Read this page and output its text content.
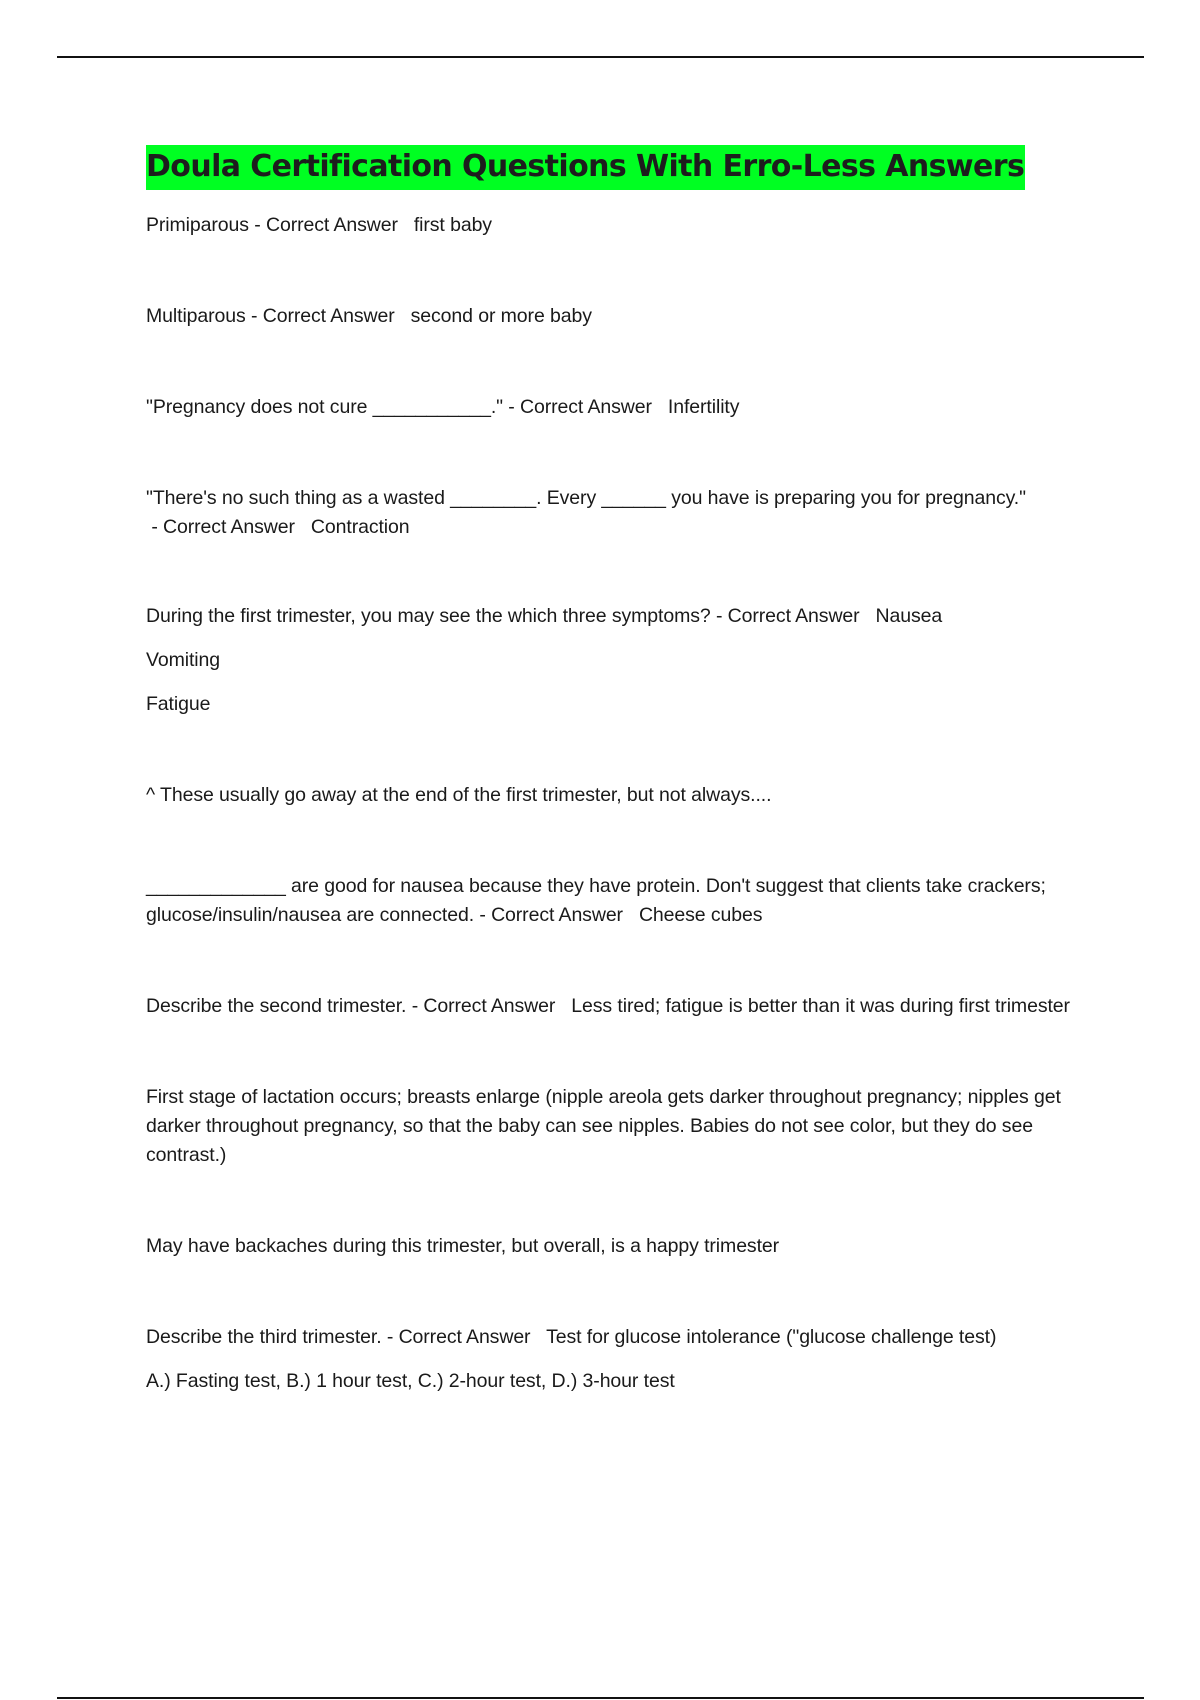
Doula Certification Questions With Erro-Less Answers

Primiparous - Correct Answer first baby

Multiparous - Correct Answer second or more baby

"Pregnancy does not cure ___________." - Correct Answer Infertility

"There's no such thing as a wasted ________. Every ______ you have is preparing you for pregnancy." - Correct Answer Contraction

During the first trimester, you may see the which three symptoms? - Correct Answer Nausea

Vomiting

Fatigue

^ These usually go away at the end of the first trimester, but not always....

_____________ are good for nausea because they have protein. Don't suggest that clients take crackers; glucose/insulin/nausea are connected. - Correct Answer Cheese cubes

Describe the second trimester. - Correct Answer Less tired; fatigue is better than it was during first trimester

First stage of lactation occurs; breasts enlarge (nipple areola gets darker throughout pregnancy; nipples get darker throughout pregnancy, so that the baby can see nipples. Babies do not see color, but they do see contrast.)

May have backaches during this trimester, but overall, is a happy trimester

Describe the third trimester. - Correct Answer Test for glucose intolerance ("glucose challenge test)

A.) Fasting test, B.) 1 hour test, C.) 2-hour test, D.) 3-hour test
